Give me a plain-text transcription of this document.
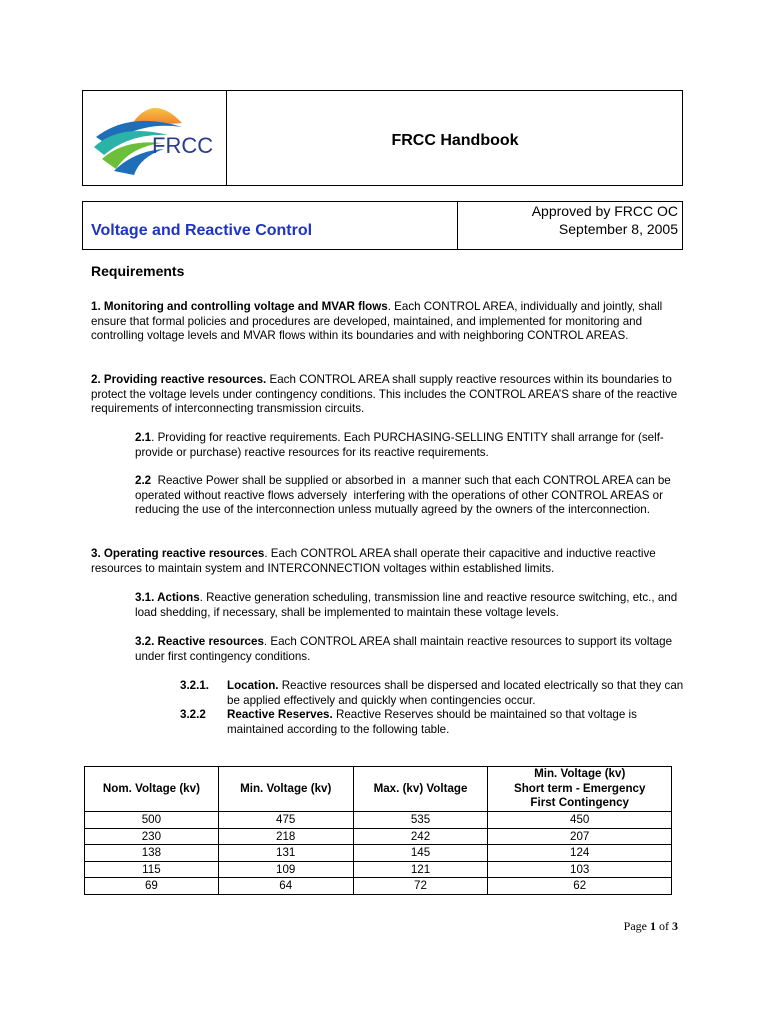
FRCC	FRCC Handbook
Voltage and Reactive Control
Approved by FRCC OC
September 8, 2005
Requirements
1. Monitoring and controlling voltage and MVAR flows. Each CONTROL AREA, individually and jointly, shall ensure that formal policies and procedures are developed, maintained, and implemented for monitoring and controlling voltage levels and MVAR flows within its boundaries and with neighboring CONTROL AREAS.
2. Providing reactive resources. Each CONTROL AREA shall supply reactive resources within its boundaries to protect the voltage levels under contingency conditions. This includes the CONTROL AREA’S share of the reactive requirements of interconnecting transmission circuits.
2.1. Providing for reactive requirements. Each PURCHASING-SELLING ENTITY shall arrange for (self-provide or purchase) reactive resources for its reactive requirements.
2.2  Reactive Power shall be supplied or absorbed in  a manner such that each CONTROL AREA can be operated without reactive flows adversely  interfering with the operations of other CONTROL AREAS or reducing the use of the interconnection unless mutually agreed by the owners of the interconnection.
3. Operating reactive resources. Each CONTROL AREA shall operate their capacitive and inductive reactive resources to maintain system and INTERCONNECTION voltages within established limits.
3.1. Actions. Reactive generation scheduling, transmission line and reactive resource switching, etc., and load shedding, if necessary, shall be implemented to maintain these voltage levels.
3.2. Reactive resources. Each CONTROL AREA shall maintain reactive resources to support its voltage under first contingency conditions.
3.2.1. Location. Reactive resources shall be dispersed and located electrically so that they can be applied effectively and quickly when contingencies occur.
3.2.2 Reactive Reserves. Reactive Reserves should be maintained so that voltage is maintained according to the following table.
Nom. Voltage (kv)	Min. Voltage (kv)	Max. (kv) Voltage	Min. Voltage (kv)
Short term - Emergency
First Contingency
500	475	535	450
230	218	242	207
138	131	145	124
115	109	121	103
69	64	72	62
Page 1 of 3
